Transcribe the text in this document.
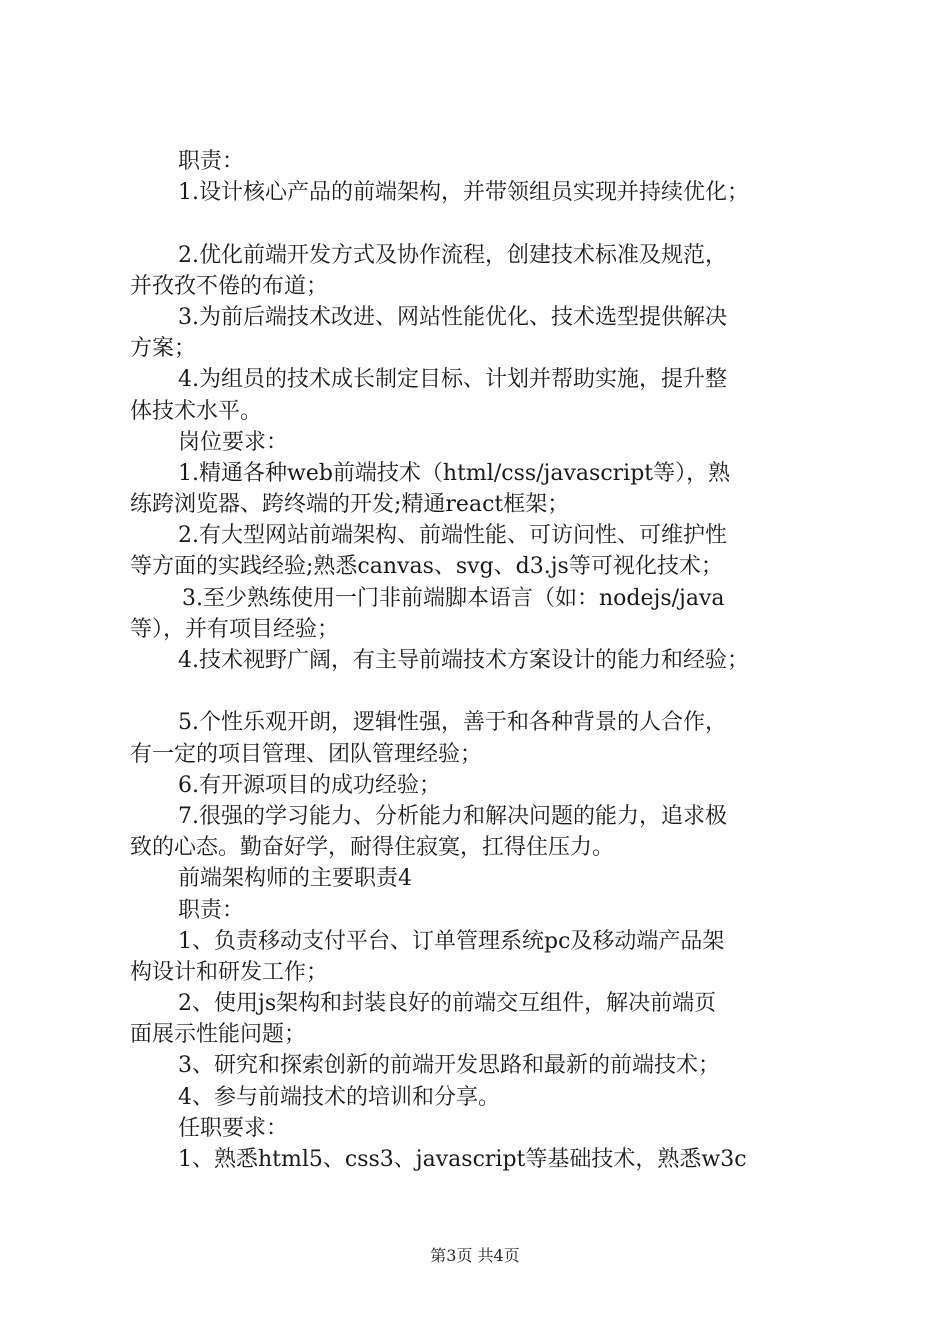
职责：
1.设计核心产品的前端架构，并带领组员实现并持续优化；
2.优化前端开发方式及协作流程，创建技术标准及规范，
并孜孜不倦的布道；
3.为前后端技术改进、网站性能优化、技术选型提供解决
方案；
4.为组员的技术成长制定目标、计划并帮助实施，提升整
体技术水平。
岗位要求：
1.精通各种web前端技术（html/css/javascript等），熟
练跨浏览器、跨终端的开发;精通react框架；
2.有大型网站前端架构、前端性能、可访问性、可维护性
等方面的实践经验;熟悉canvas、svg、d3.js等可视化技术；
3.至少熟练使用一门非前端脚本语言（如：nodejs/java
等），并有项目经验；
4.技术视野广阔，有主导前端技术方案设计的能力和经验；
5.个性乐观开朗，逻辑性强，善于和各种背景的人合作，
有一定的项目管理、团队管理经验；
6.有开源项目的成功经验；
7.很强的学习能力、分析能力和解决问题的能力，追求极
致的心态。勤奋好学，耐得住寂寞，扛得住压力。
前端架构师的主要职责4
职责：
1、负责移动支付平台、订单管理系统pc及移动端产品架
构设计和研发工作；
2、使用js架构和封装良好的前端交互组件，解决前端页
面展示性能问题；
3、研究和探索创新的前端开发思路和最新的前端技术；
4、参与前端技术的培训和分享。
任职要求：
1、熟悉html5、css3、javascript等基础技术，熟悉w3c
第3页 共4页
